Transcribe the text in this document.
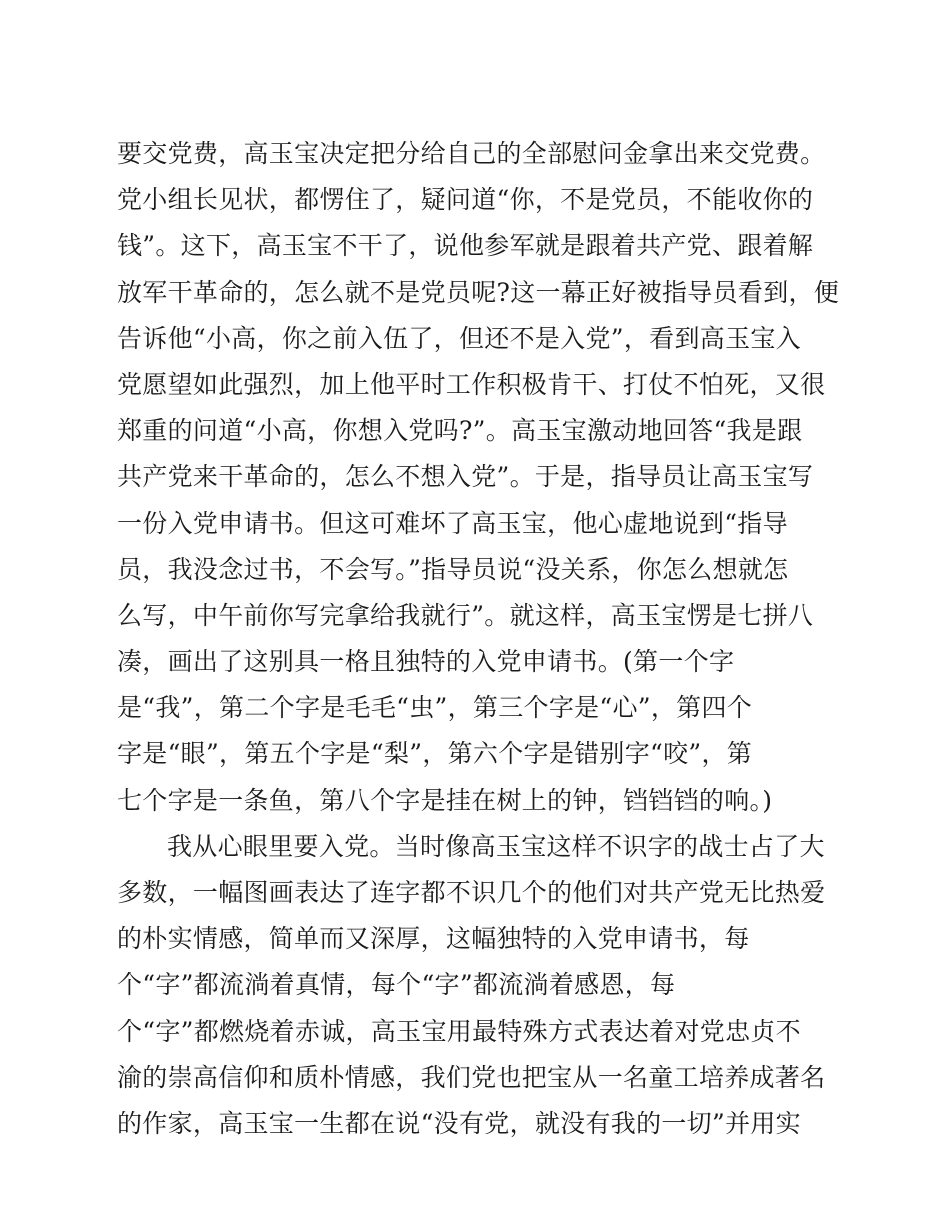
要交党费，高玉宝决定把分给自己的全部慰问金拿出来交党费。
党小组长见状，都愣住了，疑问道“你，不是党员，不能收你的
钱”。这下，高玉宝不干了，说他参军就是跟着共产党、跟着解
放军干革命的，怎么就不是党员呢?这一幕正好被指导员看到，便
告诉他“小高，你之前入伍了，但还不是入党”，看到高玉宝入
党愿望如此强烈，加上他平时工作积极肯干、打仗不怕死，又很
郑重的问道“小高，你想入党吗?”。高玉宝激动地回答“我是跟
共产党来干革命的，怎么不想入党”。于是，指导员让高玉宝写
一份入党申请书。但这可难坏了高玉宝，他心虚地说到“指导
员，我没念过书，不会写。”指导员说“没关系，你怎么想就怎
么写，中午前你写完拿给我就行”。就这样，高玉宝愣是七拼八
凑，画出了这别具一格且独特的入党申请书。(第一个字
是“我”，第二个字是毛毛“虫”，第三个字是“心”，第四个
字是“眼”，第五个字是“梨”，第六个字是错别字“咬”，第
七个字是一条鱼，第八个字是挂在树上的钟，铛铛铛的响。)
我从心眼里要入党。当时像高玉宝这样不识字的战士占了大
多数，一幅图画表达了连字都不识几个的他们对共产党无比热爱
的朴实情感，简单而又深厚，这幅独特的入党申请书，每
个“字”都流淌着真情，每个“字”都流淌着感恩，每
个“字”都燃烧着赤诚，高玉宝用最特殊方式表达着对党忠贞不
渝的崇高信仰和质朴情感，我们党也把宝从一名童工培养成著名
的作家，高玉宝一生都在说“没有党，就没有我的一切”并用实
